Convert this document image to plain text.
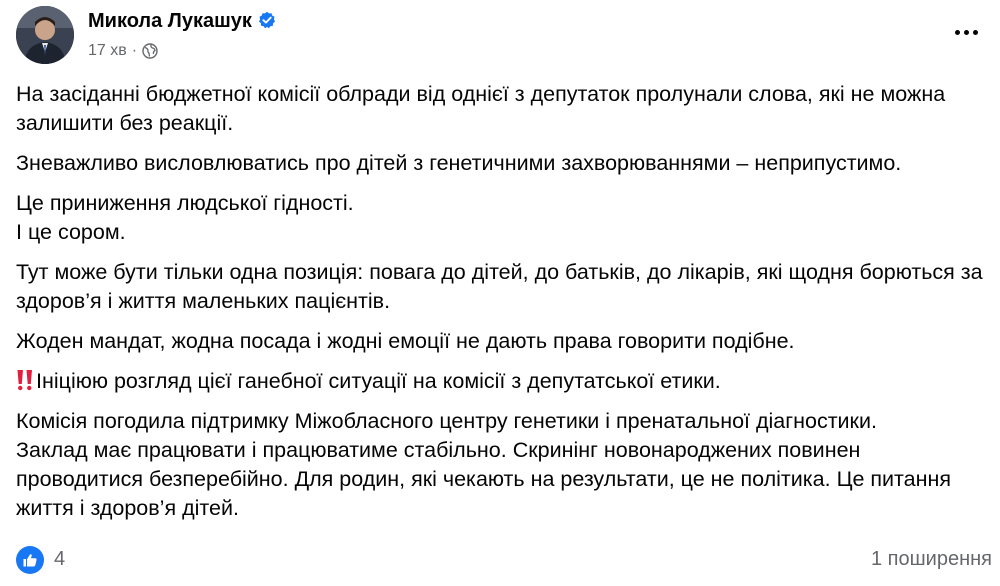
Микола Лукашук
17 хв ·

На засіданні бюджетної комісії облради від однієї з депутаток пролунали слова, які не можна залишити без реакції.

Зневажливо висловлюватись про дітей з генетичними захворюваннями – неприпустимо.

Це приниження людської гідності.
І це сором.

Тут може бути тільки одна позиція: повага до дітей, до батьків, до лікарів, які щодня борються за здоров’я і життя маленьких пацієнтів.

Жоден мандат, жодна посада і жодні емоції не дають права говорити подібне.

Ініціюю розгляд цієї ганебної ситуації на комісії з депутатської етики.

Комісія погодила підтримку Міжобласного центру генетики і пренатальної діагностики.
Заклад має працювати і працюватиме стабільно. Скринінг новонароджених повинен проводитися безперебійно. Для родин, які чекають на результати, це не політика. Це питання життя і здоров’я дітей.

4	1 поширення
